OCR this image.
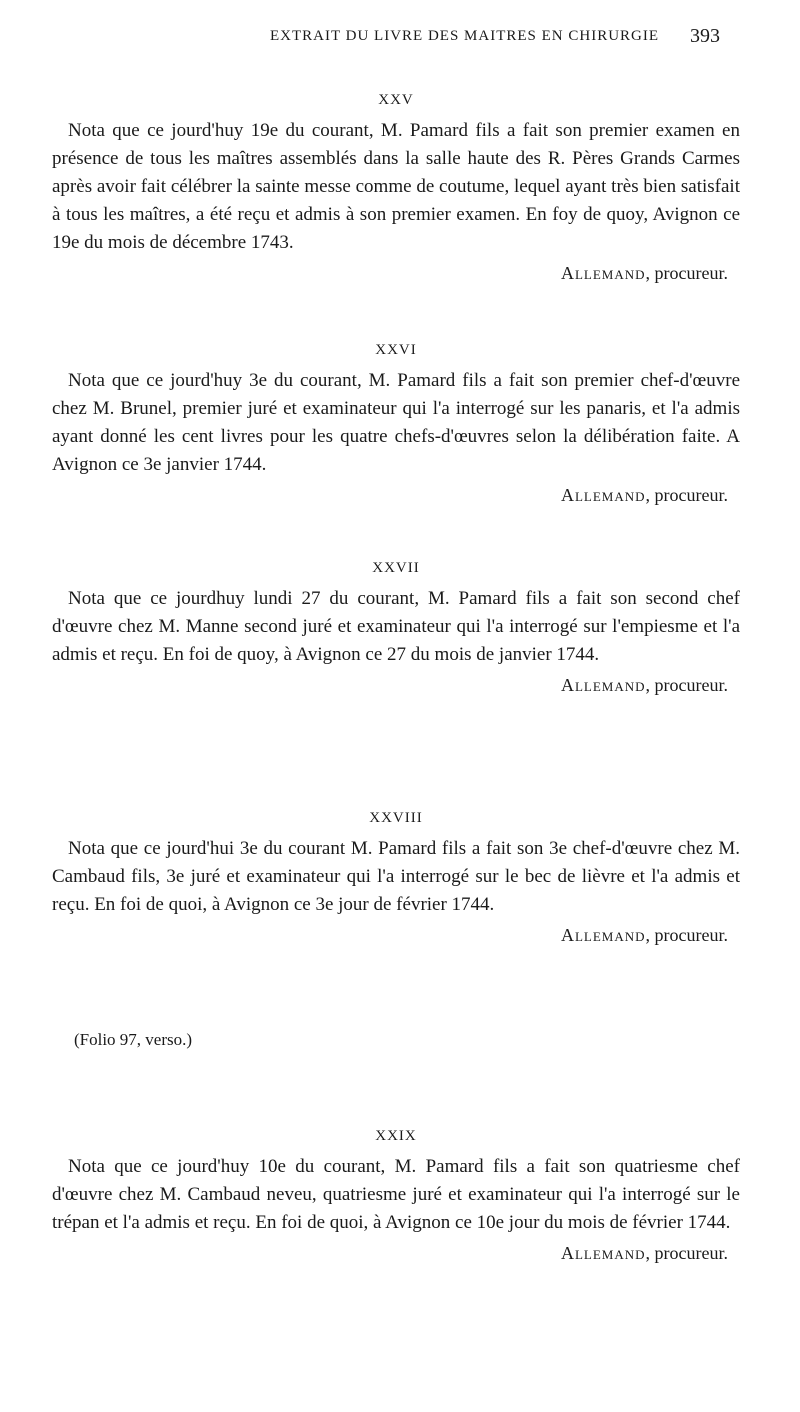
EXTRAIT DU LIVRE DES MAITRES EN CHIRURGIE 393
XXV

Nota que ce jourd'huy 19e du courant, M. Pamard fils a fait son premier examen en présence de tous les maîtres assemblés dans la salle haute des R. Pères Grands Carmes après avoir fait célébrer la sainte messe comme de coutume, lequel ayant très bien satisfait à tous les maîtres, a été reçu et admis à son premier examen. En foy de quoy, Avignon ce 19e du mois de décembre 1743.

Allemand, procureur.
XXVI

Nota que ce jourd'huy 3e du courant, M. Pamard fils a fait son premier chef-d'œuvre chez M. Brunel, premier juré et examinateur qui l'a interrogé sur les panaris, et l'a admis ayant donné les cent livres pour les quatre chefs-d'œuvres selon la délibération faite. A Avignon ce 3e janvier 1744.

Allemand, procureur.
XXVII

Nota que ce jourdhuy lundi 27 du courant, M. Pamard fils a fait son second chef d'œuvre chez M. Manne second juré et examinateur qui l'a interrogé sur l'empiesme et l'a admis et reçu. En foi de quoy, à Avignon ce 27 du mois de janvier 1744.

Allemand, procureur.
XXVIII

Nota que ce jourd'hui 3e du courant M. Pamard fils a fait son 3e chef-d'œuvre chez M. Cambaud fils, 3e juré et examinateur qui l'a interrogé sur le bec de lièvre et l'a admis et reçu. En foi de quoi, à Avignon ce 3e jour de février 1744.

Allemand, procureur.
(Folio 97, verso.)
XXIX

Nota que ce jourd'huy 10e du courant, M. Pamard fils a fait son quatriesme chef d'œuvre chez M. Cambaud neveu, quatriesme juré et examinateur qui l'a interrogé sur le trépan et l'a admis et reçu. En foi de quoi, à Avignon ce 10e jour du mois de février 1744.

Allemand, procureur.
